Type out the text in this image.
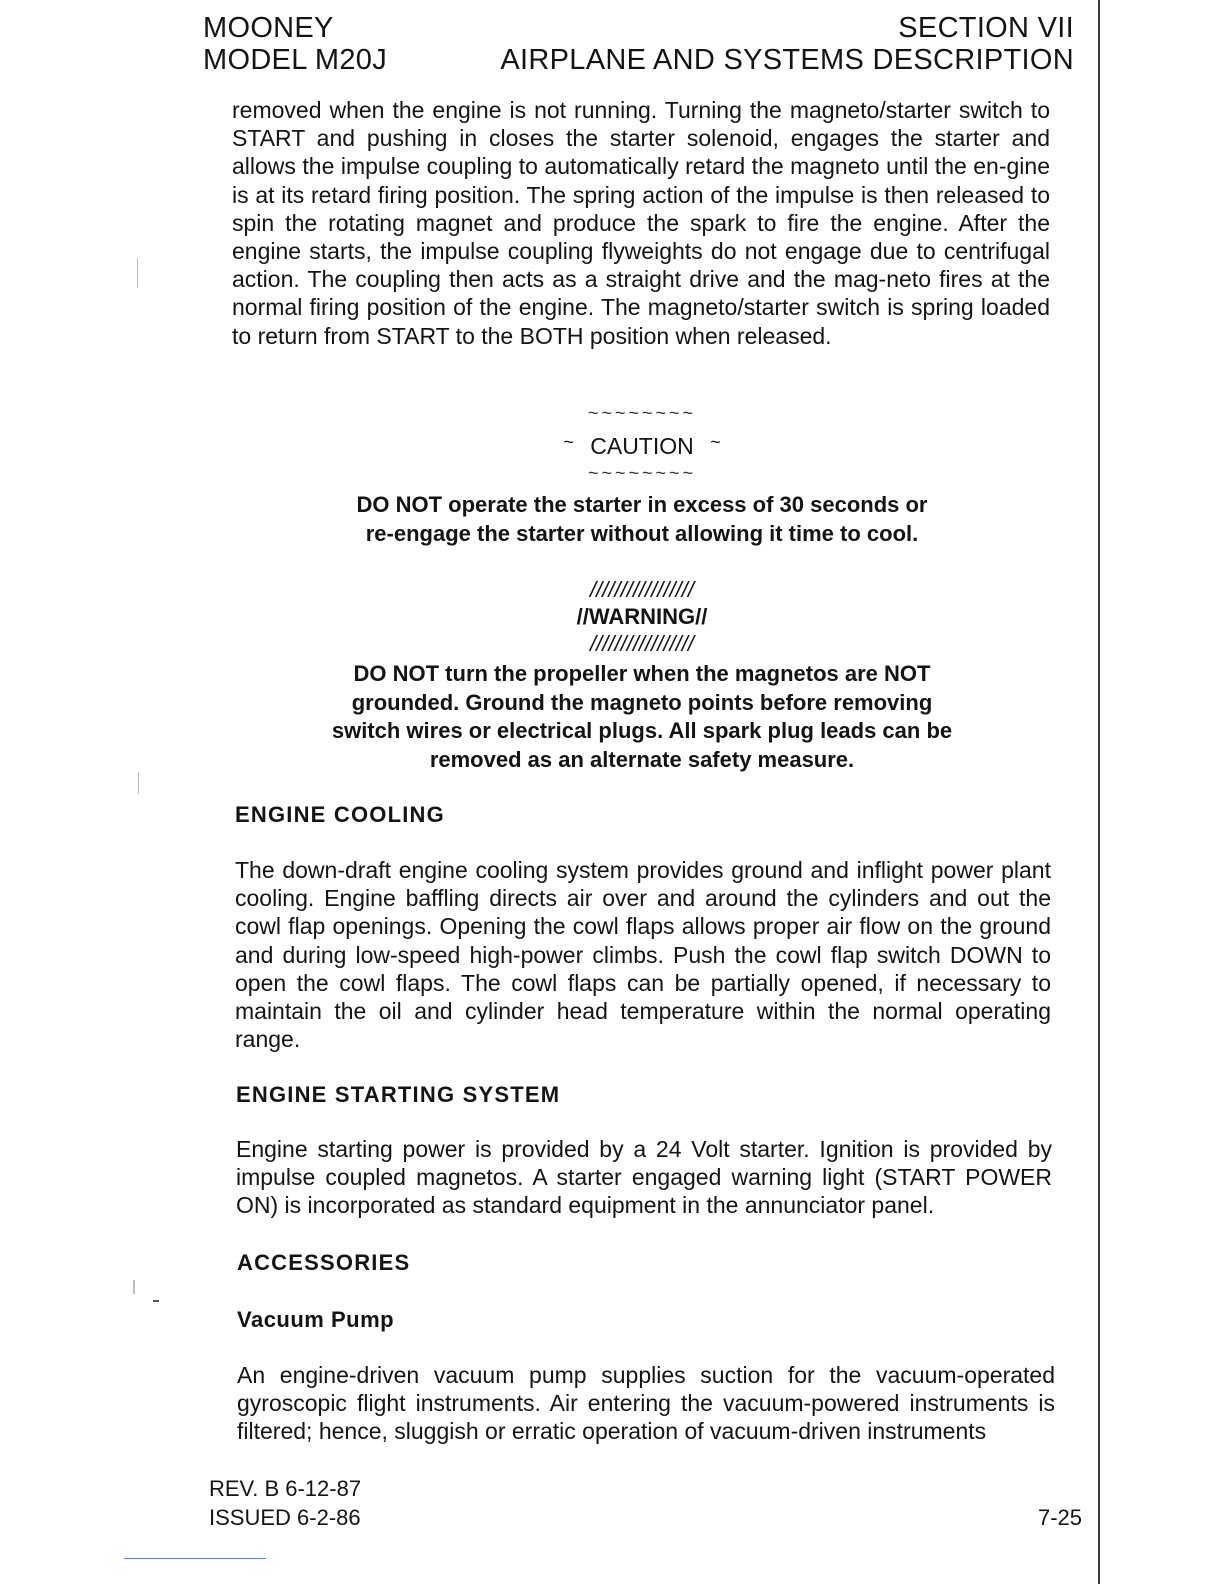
MOONEY
MODEL M20J
SECTION VII
AIRPLANE AND SYSTEMS DESCRIPTION
removed when the engine is not running. Turning the magneto/starter switch to START and pushing in closes the starter solenoid, engages the starter and allows the impulse coupling to automatically retard the magneto until the en-gine is at its retard firing position. The spring action of the impulse is then released to spin the rotating magnet and produce the spark to fire the engine. After the engine starts, the impulse coupling flyweights do not engage due to centrifugal action. The coupling then acts as a straight drive and the mag-neto fires at the normal firing position of the engine. The magneto/starter switch is spring loaded to return from START to the BOTH position when released.
~~~~~~~~
~ CAUTION ~
~~~~~~~~
DO NOT operate the starter in excess of 30 seconds or
re-engage the starter without allowing it time to cool.
/////////////////
//WARNING//
/////////////////
DO NOT turn the propeller when the magnetos are NOT
grounded. Ground the magneto points before removing
switch wires or electrical plugs. All spark plug leads can be
removed as an alternate safety measure.
ENGINE COOLING
The down-draft engine cooling system provides ground and inflight power plant cooling. Engine baffling directs air over and around the cylinders and out the cowl flap openings. Opening the cowl flaps allows proper air flow on the ground and during low-speed high-power climbs. Push the cowl flap switch DOWN to open the cowl flaps. The cowl flaps can be partially opened, if necessary to maintain the oil and cylinder head temperature within the normal operating range.
ENGINE STARTING SYSTEM
Engine starting power is provided by a 24 Volt starter. Ignition is provided by impulse coupled magnetos. A starter engaged warning light (START POWER ON) is incorporated as standard equipment in the annunciator panel.
ACCESSORIES
Vacuum Pump
An engine-driven vacuum pump supplies suction for the vacuum-operated gyroscopic flight instruments. Air entering the vacuum-powered instruments is filtered; hence, sluggish or erratic operation of vacuum-driven instruments
REV. B 6-12-87
ISSUED 6-2-86	7-25
